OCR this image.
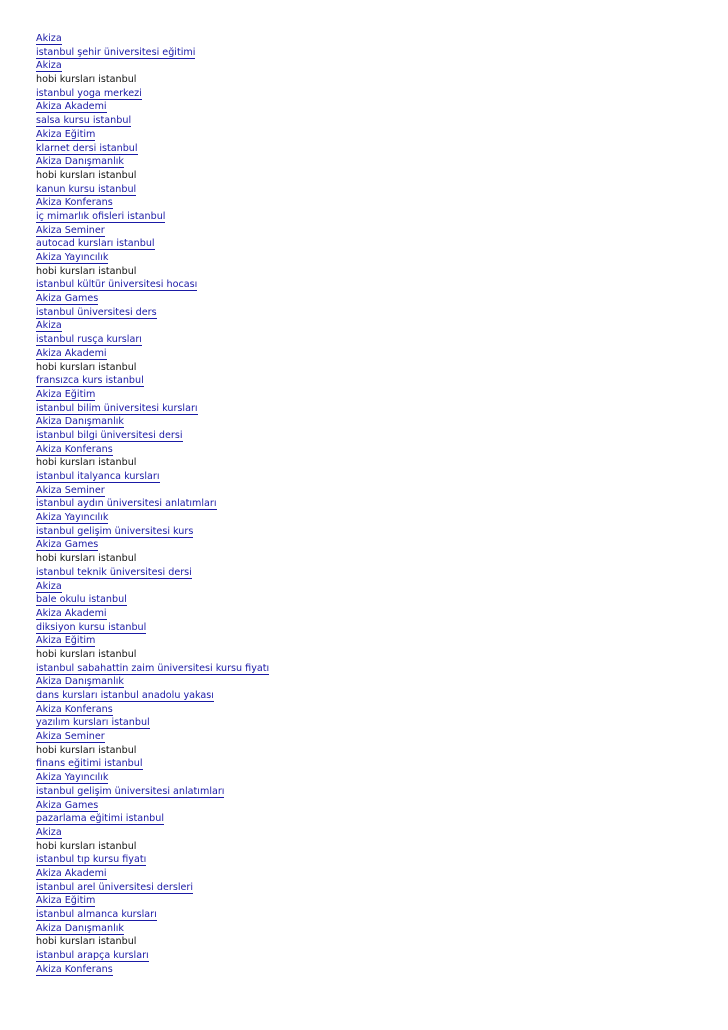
Akiza
istanbul şehir üniversitesi eğitimi
Akiza
hobi kursları istanbul
istanbul yoga merkezi
Akiza Akademi
salsa kursu istanbul
Akiza Eğitim
klarnet dersi istanbul
Akiza Danışmanlık
hobi kursları istanbul
kanun kursu istanbul
Akiza Konferans
iç mimarlık ofisleri istanbul
Akiza Seminer
autocad kursları istanbul
Akiza Yayıncılık
hobi kursları istanbul
istanbul kültür üniversitesi hocası
Akiza Games
istanbul üniversitesi ders
Akiza
istanbul rusça kursları
Akiza Akademi
hobi kursları istanbul
fransızca kurs istanbul
Akiza Eğitim
istanbul bilim üniversitesi kursları
Akiza Danışmanlık
istanbul bilgi üniversitesi dersi
Akiza Konferans
hobi kursları istanbul
istanbul italyanca kursları
Akiza Seminer
istanbul aydın üniversitesi anlatımları
Akiza Yayıncılık
istanbul gelişim üniversitesi kurs
Akiza Games
hobi kursları istanbul
istanbul teknik üniversitesi dersi
Akiza
bale okulu istanbul
Akiza Akademi
diksiyon kursu istanbul
Akiza Eğitim
hobi kursları istanbul
istanbul sabahattin zaim üniversitesi kursu fiyatı
Akiza Danışmanlık
dans kursları istanbul anadolu yakası
Akiza Konferans
yazılım kursları istanbul
Akiza Seminer
hobi kursları istanbul
finans eğitimi istanbul
Akiza Yayıncılık
istanbul gelişim üniversitesi anlatımları
Akiza Games
pazarlama eğitimi istanbul
Akiza
hobi kursları istanbul
istanbul tıp kursu fiyatı
Akiza Akademi
istanbul arel üniversitesi dersleri
Akiza Eğitim
istanbul almanca kursları
Akiza Danışmanlık
hobi kursları istanbul
istanbul arapça kursları
Akiza Konferans
